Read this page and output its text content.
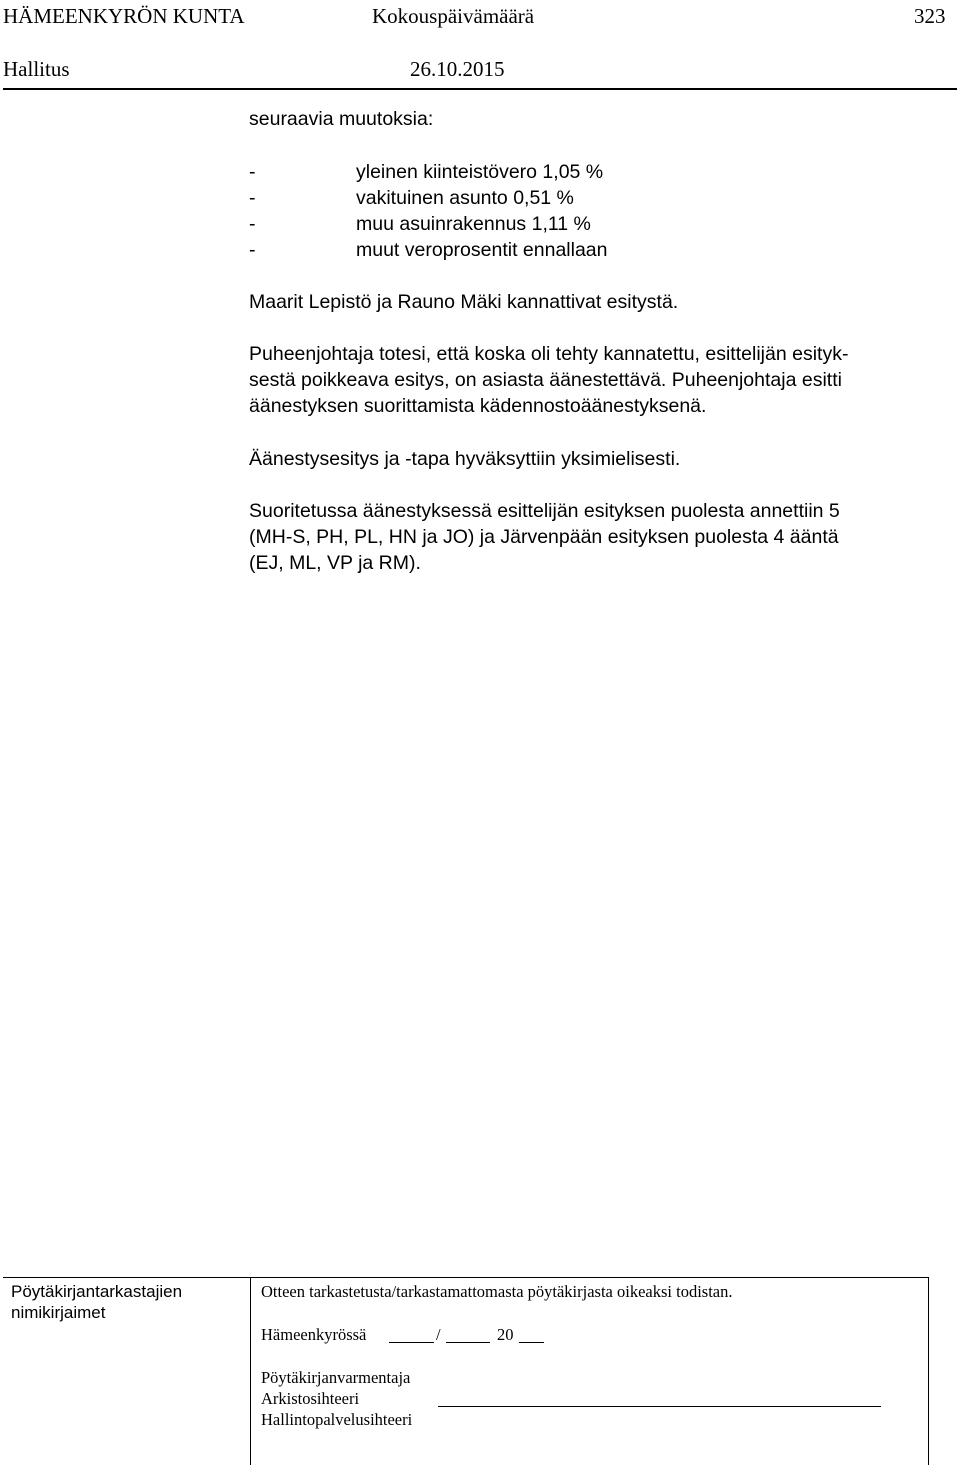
HÄMEENKYRÖN KUNTA	Kokouspäivämäärä	323
Hallitus	26.10.2015
seuraavia muutoksia:
-	yleinen kiinteistövero 1,05 %
-	vakituinen asunto 0,51 %
-	muu asuinrakennus 1,11 %
-	muut veroprosentit ennallaan
Maarit Lepistö ja Rauno Mäki kannattivat esitystä.
Puheenjohtaja totesi, että koska oli tehty kannatettu, esittelijän esityk-
sestä poikkeava esitys, on asiasta äänestettävä. Puheenjohtaja esitti
äänestyksen suorittamista kädennostoäänestyksenä.
Äänestysesitys ja -tapa hyväksyttiin yksimielisesti.
Suoritetussa äänestyksessä esittelijän esityksen puolesta annettiin 5
(MH-S, PH, PL, HN ja JO) ja Järvenpään esityksen puolesta 4 ääntä
(EJ, ML, VP ja RM).
Pöytäkirjantarkastajien
nimikirjaimet
Otteen tarkastetusta/tarkastamattomasta pöytäkirjasta oikeaksi todistan.
Hämeenkyrössä	/	20
Pöytäkirjanvarmentaja
Arkistosihteeri
Hallintopalvelusihteeri
